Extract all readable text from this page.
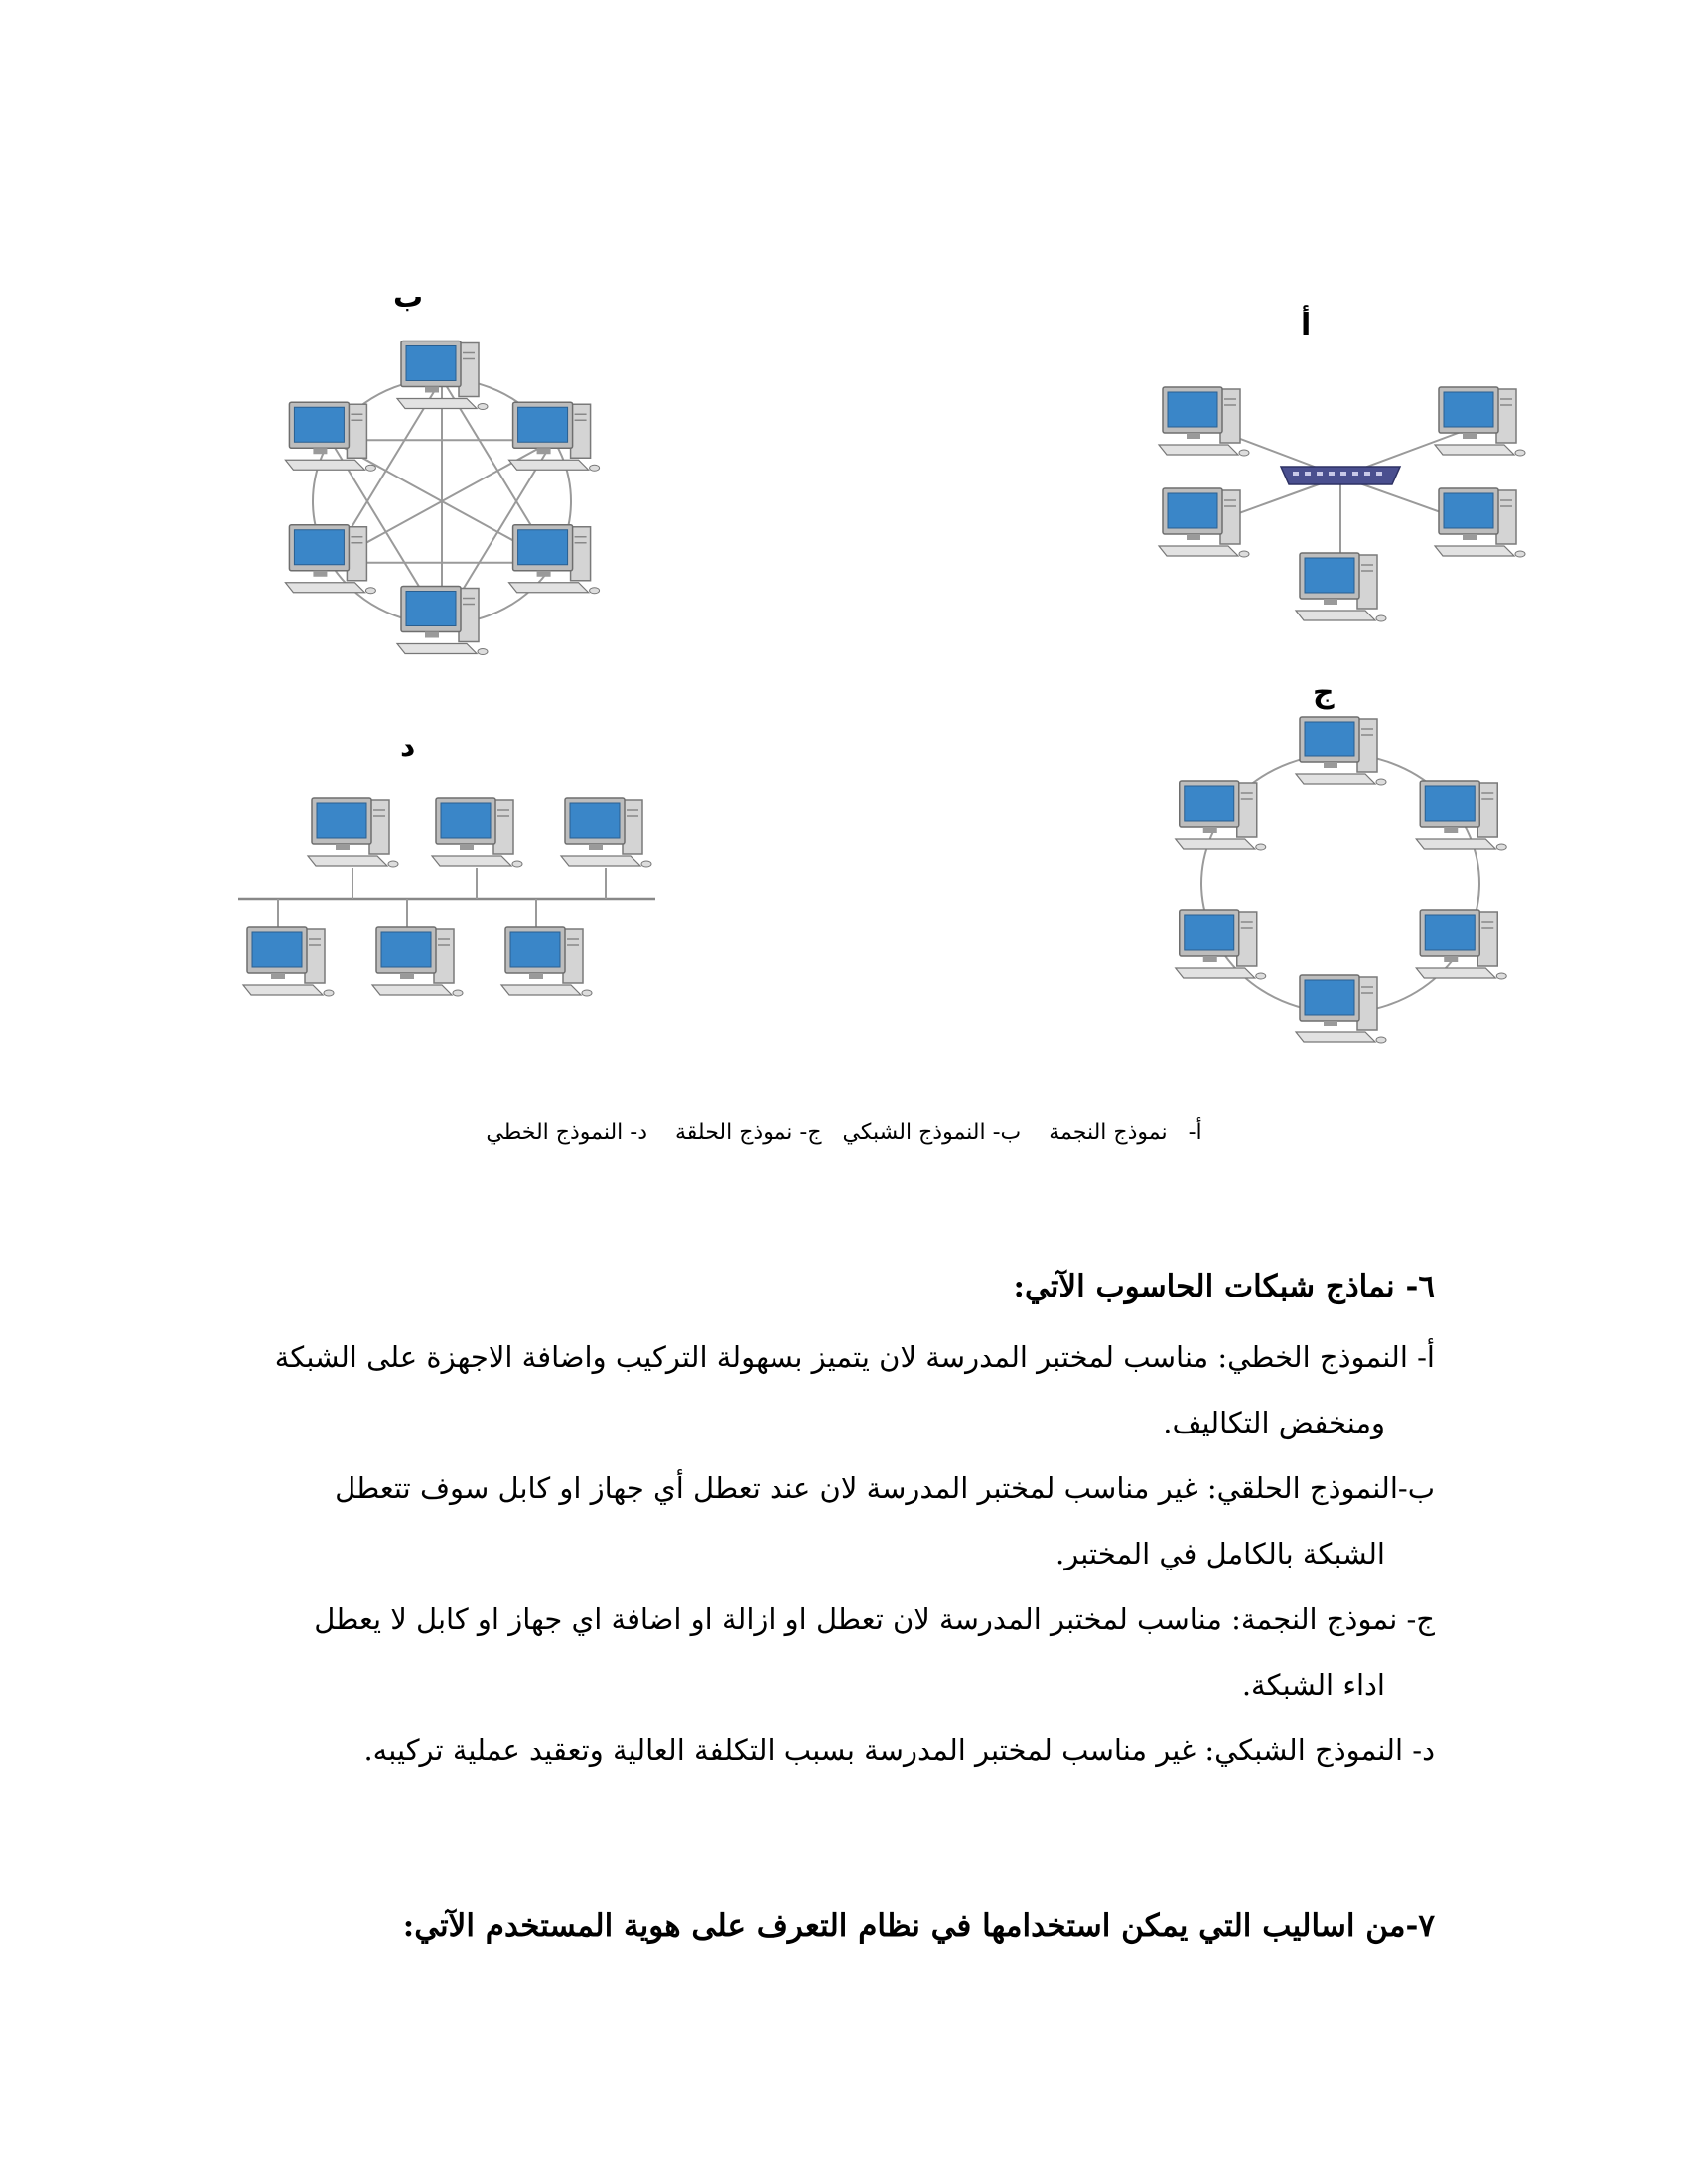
ب
أ
ج
د
أ-   نموذج النجمة    ب- النموذج الشبكي   ج- نموذج الحلقة    د- النموذج الخطي
٦- نماذج شبكات الحاسوب الآتي:
أ- النموذج الخطي: مناسب لمختبر المدرسة لان يتميز بسهولة التركيب واضافة الاجهزة على الشبكة
ومنخفض التكاليف.
ب-النموذج الحلقي: غير مناسب لمختبر المدرسة لان عند تعطل أي جهاز او كابل سوف تتعطل
الشبكة بالكامل في المختبر.
ج- نموذج النجمة: مناسب لمختبر المدرسة لان تعطل او ازالة او اضافة اي جهاز او كابل لا يعطل
اداء الشبكة.
د- النموذج الشبكي: غير مناسب لمختبر المدرسة بسبب التكلفة العالية وتعقيد عملية تركيبه.
٧-من اساليب التي يمكن استخدامها في نظام التعرف على هوية المستخدم الآتي:
